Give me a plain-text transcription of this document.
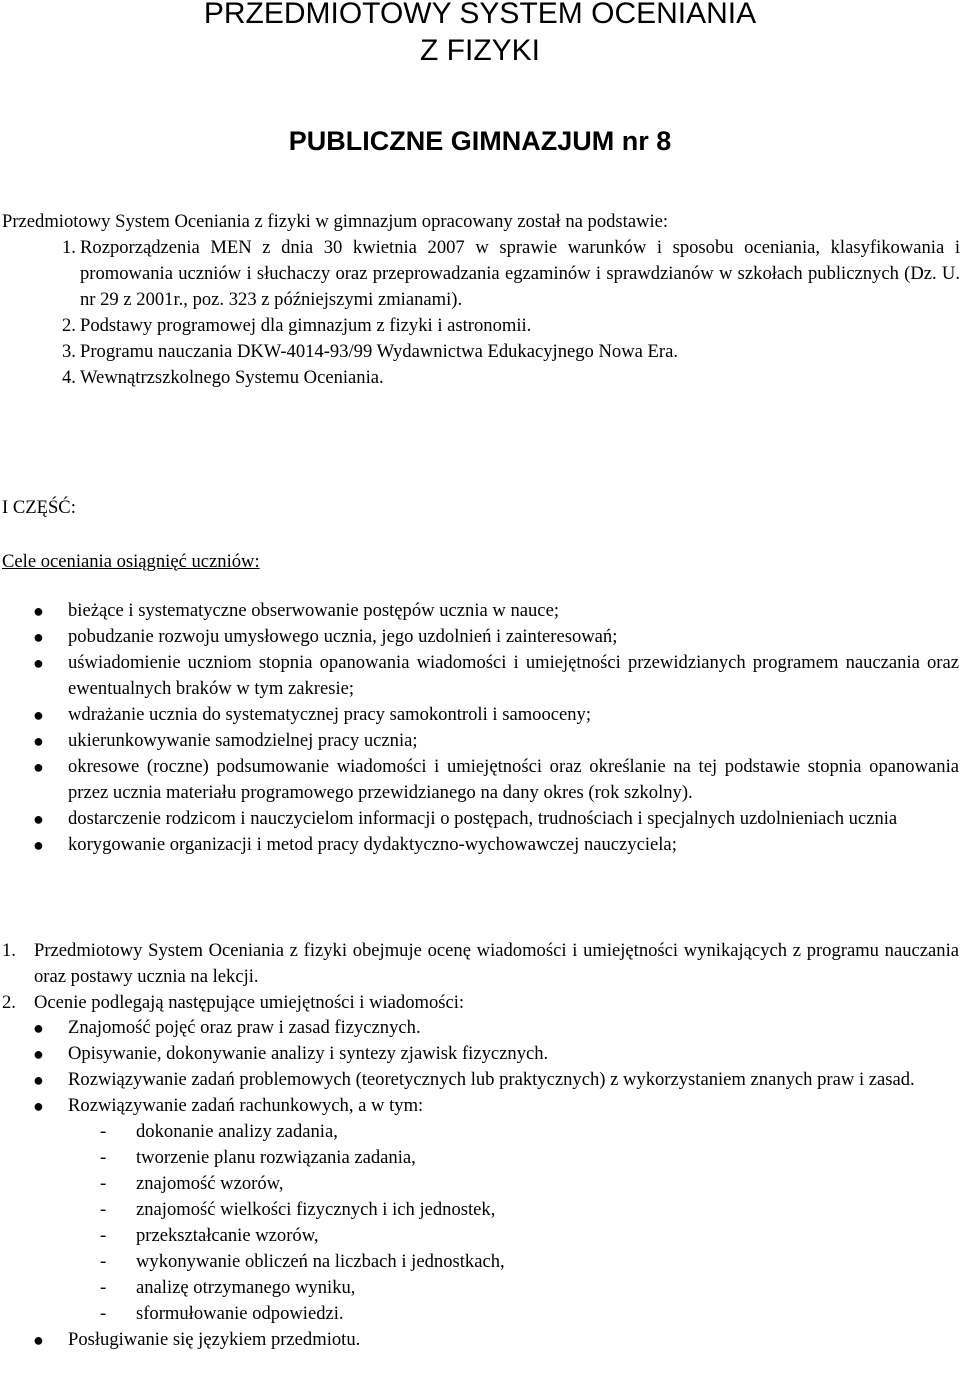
PRZEDMIOTOWY SYSTEM OCENIANIA
Z FIZYKI
PUBLICZNE GIMNAZJUM nr 8
Przedmiotowy System Oceniania z fizyki w gimnazjum opracowany został na podstawie:
1. Rozporządzenia MEN z dnia 30 kwietnia 2007 w sprawie warunków i sposobu oceniania, klasyfikowania i promowania uczniów i słuchaczy oraz przeprowadzania egzaminów i sprawdzianów w szkołach publicznych (Dz. U. nr 29 z 2001r., poz. 323 z późniejszymi zmianami).
2. Podstawy programowej dla gimnazjum z fizyki i astronomii.
3. Programu nauczania DKW-4014-93/99 Wydawnictwa Edukacyjnego Nowa Era.
4. Wewnątrzszkolnego Systemu Oceniania.
I CZĘŚĆ:
Cele oceniania osiągnięć uczniów:
● bieżące i systematyczne obserwowanie postępów ucznia w nauce;
● pobudzanie rozwoju umysłowego ucznia, jego uzdolnień i zainteresowań;
● uświadomienie uczniom stopnia opanowania wiadomości i umiejętności przewidzianych programem nauczania oraz ewentualnych braków w tym zakresie;
● wdrażanie ucznia do systematycznej pracy samokontroli i samooceny;
● ukierunkowywanie samodzielnej pracy ucznia;
● okresowe (roczne) podsumowanie wiadomości i umiejętności oraz określanie na tej podstawie stopnia opanowania przez ucznia materiału programowego przewidzianego na dany okres (rok szkolny).
● dostarczenie rodzicom i nauczycielom informacji o postępach, trudnościach i specjalnych uzdolnieniach ucznia
● korygowanie organizacji i metod pracy dydaktyczno-wychowawczej nauczyciela;
1. Przedmiotowy System Oceniania z fizyki obejmuje ocenę wiadomości i umiejętności wynikających z programu nauczania oraz postawy ucznia na lekcji.
2. Ocenie podlegają następujące umiejętności i wiadomości:
● Znajomość pojęć oraz praw i zasad fizycznych.
● Opisywanie, dokonywanie analizy i syntezy zjawisk fizycznych.
● Rozwiązywanie zadań problemowych (teoretycznych lub praktycznych) z wykorzystaniem znanych praw i zasad.
● Rozwiązywanie zadań rachunkowych, a w tym:
- dokonanie analizy zadania,
- tworzenie planu rozwiązania zadania,
- znajomość wzorów,
- znajomość wielkości fizycznych i ich jednostek,
- przekształcanie wzorów,
- wykonywanie obliczeń na liczbach i jednostkach,
- analizę otrzymanego wyniku,
- sformułowanie odpowiedzi.
● Posługiwanie się językiem przedmiotu.
